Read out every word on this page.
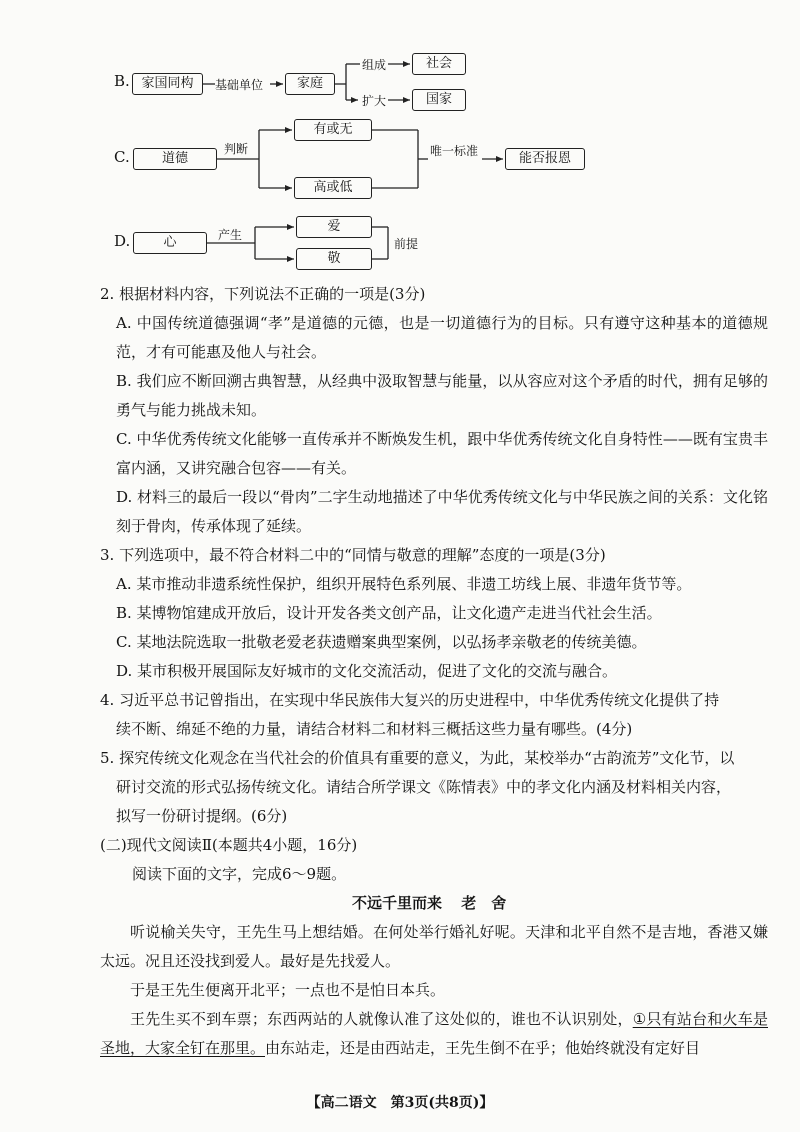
B. 家国同构	基础单位	家庭
组成
扩大
社会
国家
C.	道德
判断
有或无
高或低
唯一标准	能否报恩
D.	心	产生
爱
敬
前提
2. 根据材料内容，下列说法不正确的一项是(3分)
A. 中国传统道德强调“孝”是道德的元德，也是一切道德行为的目标。只有遵守这种基本的道德规范，才有可能惠及他人与社会。
B. 我们应不断回溯古典智慧，从经典中汲取智慧与能量，以从容应对这个矛盾的时代，拥有足够的勇气与能力挑战未知。
C. 中华优秀传统文化能够一直传承并不断焕发生机，跟中华优秀传统文化自身特性——既有宝贵丰富内涵，又讲究融合包容——有关。
D. 材料三的最后一段以“骨肉”二字生动地描述了中华优秀传统文化与中华民族之间的关系：文化铭刻于骨肉，传承体现了延续。
3. 下列选项中，最不符合材料二中的“同情与敬意的理解”态度的一项是(3分)
A. 某市推动非遗系统性保护，组织开展特色系列展、非遗工坊线上展、非遗年货节等。
B. 某博物馆建成开放后，设计开发各类文创产品，让文化遗产走进当代社会生活。
C. 某地法院选取一批敬老爱老获遗赠案典型案例，以弘扬孝亲敬老的传统美德。
D. 某市积极开展国际友好城市的文化交流活动，促进了文化的交流与融合。
4. 习近平总书记曾指出，在实现中华民族伟大复兴的历史进程中，中华优秀传统文化提供了持
续不断、绵延不绝的力量，请结合材料二和材料三概括这些力量有哪些。(4分)
5. 探究传统文化观念在当代社会的价值具有重要的意义，为此，某校举办“古韵流芳”文化节，以
研讨交流的形式弘扬传统文化。请结合所学课文《陈情表》中的孝文化内涵及材料相关内容，
拟写一份研讨提纲。(6分)
(二)现代文阅读Ⅱ(本题共4小题，16分)
阅读下面的文字，完成6～9题。
不远千里而来 老　舍
听说榆关失守，王先生马上想结婚。在何处举行婚礼好呢。天津和北平自然不是吉地，香港又嫌太远。况且还没找到爱人。最好是先找爱人。
于是王先生便离开北平；一点也不是怕日本兵。
王先生买不到车票；东西两站的人就像认准了这处似的，谁也不认识别处，①只有站台和火车是圣地，大家全钉在那里。由东站走，还是由西站走，王先生倒不在乎；他始终就没有定好目
【高二语文　第3页(共8页)】
